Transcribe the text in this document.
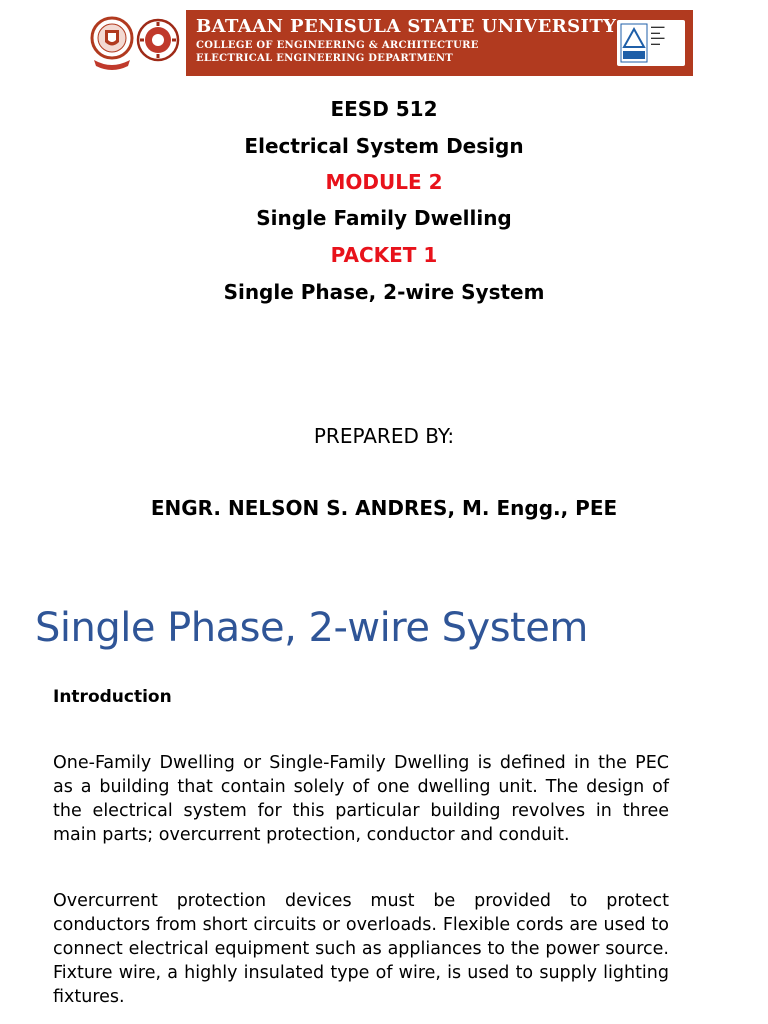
BATAAN PENISULA STATE UNIVERSITY
COLLEGE OF ENGINEERING & ARCHITECTURE
ELECTRICAL ENGINEERING DEPARTMENT
▬▬▬
▬▬
▬▬▬
▬▬
EESD 512
Electrical System Design
MODULE 2
Single Family Dwelling
PACKET 1
Single Phase, 2-wire System
PREPARED BY:
ENGR. NELSON S. ANDRES, M. Engg., PEE
Single Phase, 2-wire System
Introduction
One-Family Dwelling or Single-Family Dwelling is defined in the PEC as a building that contain solely of one dwelling unit. The design of the electrical system for this particular building revolves in three main parts; overcurrent protection, conductor and conduit.
Overcurrent protection devices must be provided to protect conductors from short circuits or overloads. Flexible cords are used to connect electrical equipment such as appliances to the power source. Fixture wire, a highly insulated type of wire, is used to supply lighting fixtures.
